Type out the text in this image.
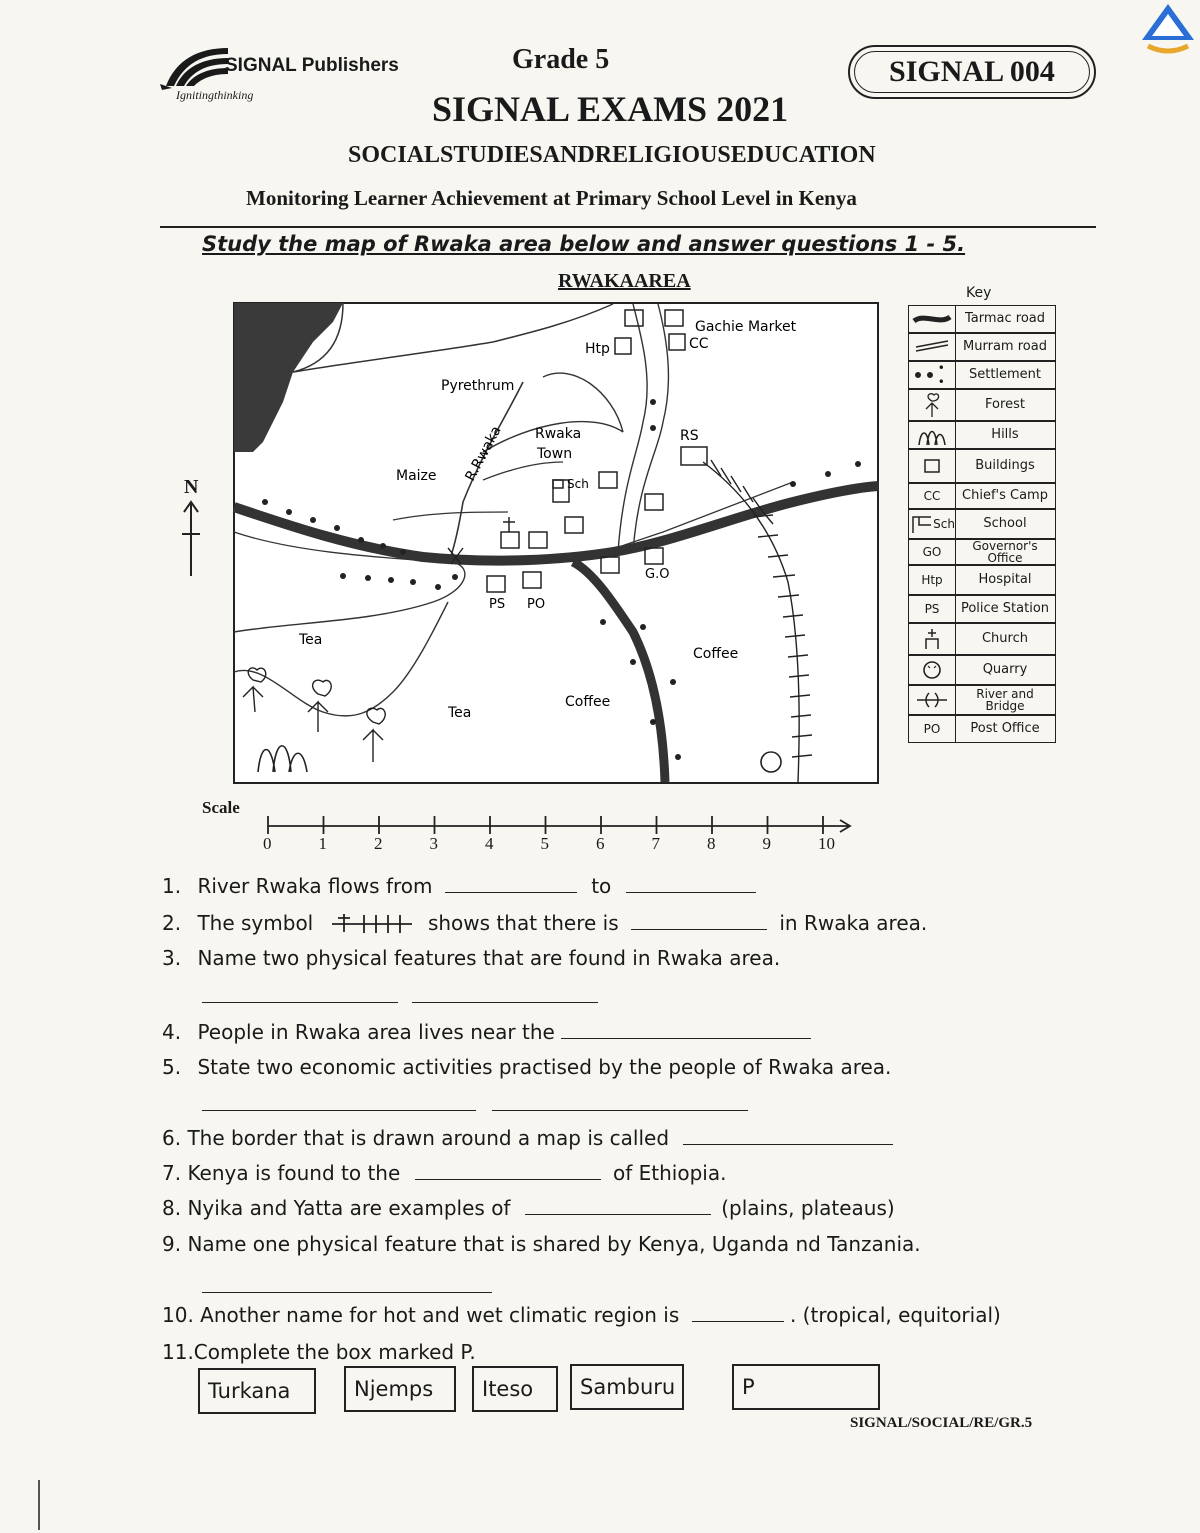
SIGNAL Publishers
Ignitingthinking
Grade 5	SIGNAL 004
SIGNAL EXAMS 2021
SOCIALSTUDIESANDRELIGIOUSEDUCATION
Monitoring Learner Achievement at Primary School Level in Kenya
Study the map of Rwaka area below and answer questions 1 - 5.
RWAKAAREA
Gachie Market
Htp	CC
Pyrethrum
Rwaka
Town
RS
R.Rwaka
Maize	Sch
PS PO
G.O
Tea
Tea
Coffee
Coffee
N
Key
Tarmac road
Murram road
• •	Settlement
Forest
Hills
Buildings
CC	Chief's Camp
Sch	School
GO	Governor's Office
Htp	Hospital
PS	Police Station
Church
Quarry
River and Bridge
PO	Post Office
Scale
0	1	2	3	4	5	6	7	8	9	10
1. River Rwaka flows from	to
2. The symbol	shows that there is	in Rwaka area.
3. Name two physical features that are found in Rwaka area.
4. People in Rwaka area lives near the
5. State two economic activities practised by the people of Rwaka area.
6. The border that is drawn around a map is called
7. Kenya is found to the	of Ethiopia.
8. Nyika and Yatta are examples of	(plains, plateaus)
9. Name one physical feature that is shared by Kenya, Uganda nd Tanzania.
10. Another name for hot and wet climatic region is	. (tropical, equitorial)
11.Complete the box marked P.
Turkana	Njemps	Iteso	Samburu	P
SIGNAL/SOCIAL/RE/GR.5
